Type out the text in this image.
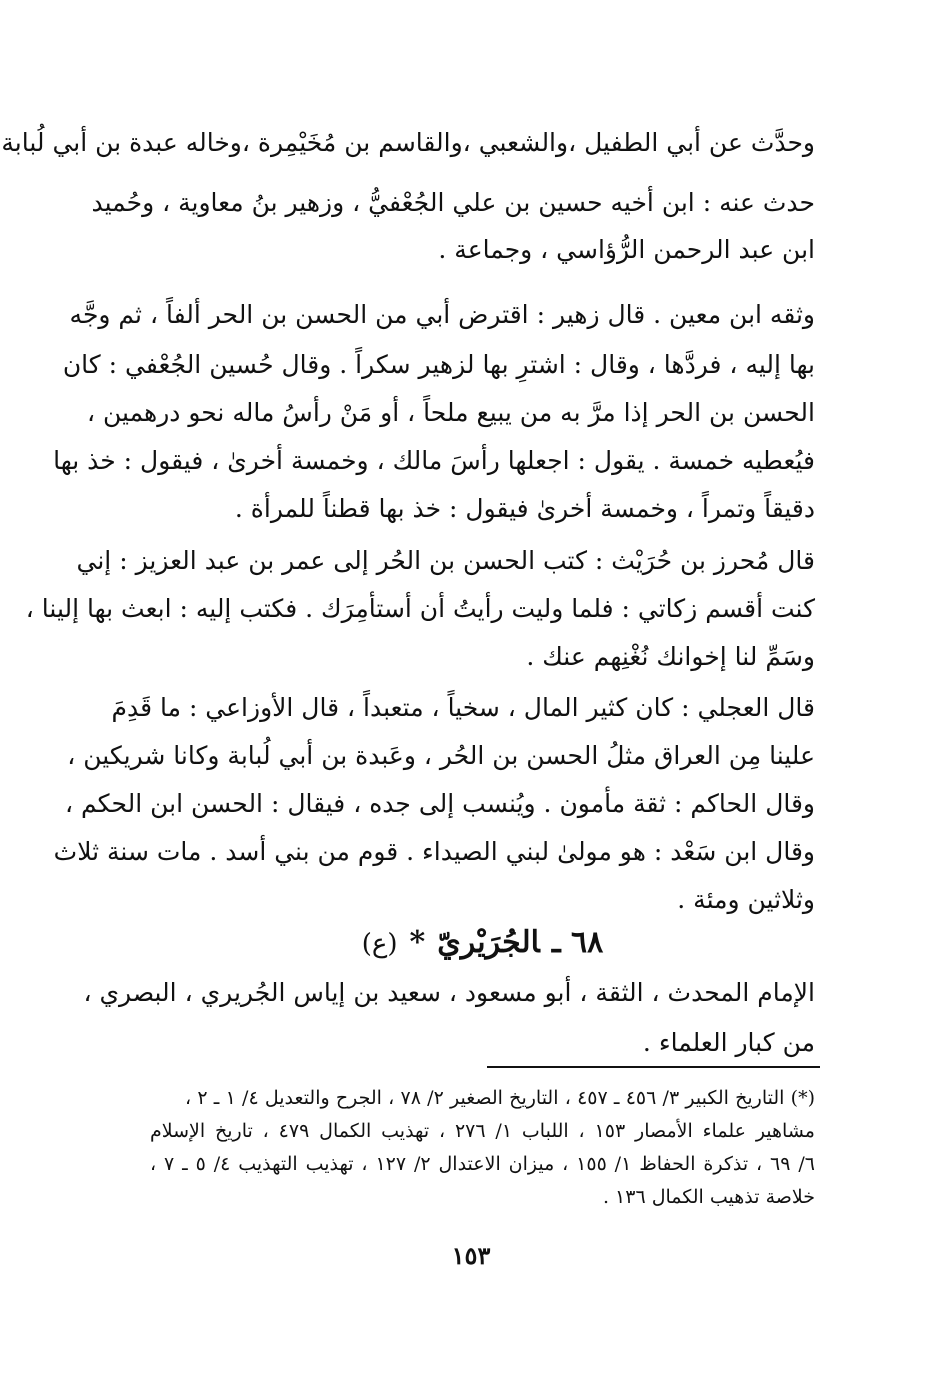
وحدَّث عن أبي الطفيل ،والشعبي ،والقاسم بن مُخَيْمِرة ،وخاله عبدة بن أبي لُبابة
حدث عنه : ابن أخيه حسين بن علي الجُعْفيُّ ، وزهير بنُ معاوية ، وحُميد
ابن عبد الرحمن الرُّؤاسي ، وجماعة .
وثقه ابن معين . قال زهير : اقترض أبي من الحسن بن الحر ألفاً ، ثم وجَّه
بها إليه ، فردَّها ، وقال : اشترِ بها لزهير سكراً . وقال حُسين الجُعْفي : كان
الحسن بن الحر إذا مرَّ به من يبيع ملحاً ، أو مَنْ رأسُ ماله نحو درهمين ،
فيُعطيه خمسة . يقول : اجعلها رأسَ مالك ، وخمسة أخرىٰ ، فيقول : خذ بها
دقيقاً وتمراً ، وخمسة أخرىٰ فيقول : خذ بها قطناً للمرأة .
قال مُحرز بن حُرَيْث : كتب الحسن بن الحُر إلى عمر بن عبد العزيز : إني
كنت أقسم زكاتي : فلما وليت رأيتُ أن أستأمِرَك . فكتب إليه : ابعث بها إلينا ،
وسَمِّ لنا إخوانك نُغْنِهم عنك .
قال العجلي : كان كثير المال ، سخياً ، متعبداً ، قال الأوزاعي : ما قَدِمَ
علينا مِن العراق مثلُ الحسن بن الحُر ، وعَبدة بن أبي لُبابة وكانا شريكين ،
وقال الحاكم : ثقة مأمون . ويُنسب إلى جده ، فيقال : الحسن ابن الحكم ،
وقال ابن سَعْد : هو مولىٰ لبني الصيداء . قوم من بني أسد . مات سنة ثلاث
وثلاثين ومئة .
٦٨ ـالجُرَيْريّ*(ع)
الإمام المحدث ، الثقة ، أبو مسعود ، سعيد بن إياس الجُريري ، البصري ،
من كبار العلماء .
(*) التاريخ الكبير ٣/ ٤٥٦ ـ ٤٥٧ ، التاريخ الصغير ٢/ ٧٨ ، الجرح والتعديل ٤/ ١ ـ ٢ ،
مشاهير علماء الأمصار ١٥٣ ، اللباب ١/ ٢٧٦ ، تهذيب الكمال ٤٧٩ ، تاريخ الإسلام
٦/ ٦٩ ، تذكرة الحفاظ ١/ ١٥٥ ، ميزان الاعتدال ٢/ ١٢٧ ، تهذيب التهذيب ٤/ ٥ ـ ٧ ،
خلاصة تذهيب الكمال ١٣٦ .
١٥٣
